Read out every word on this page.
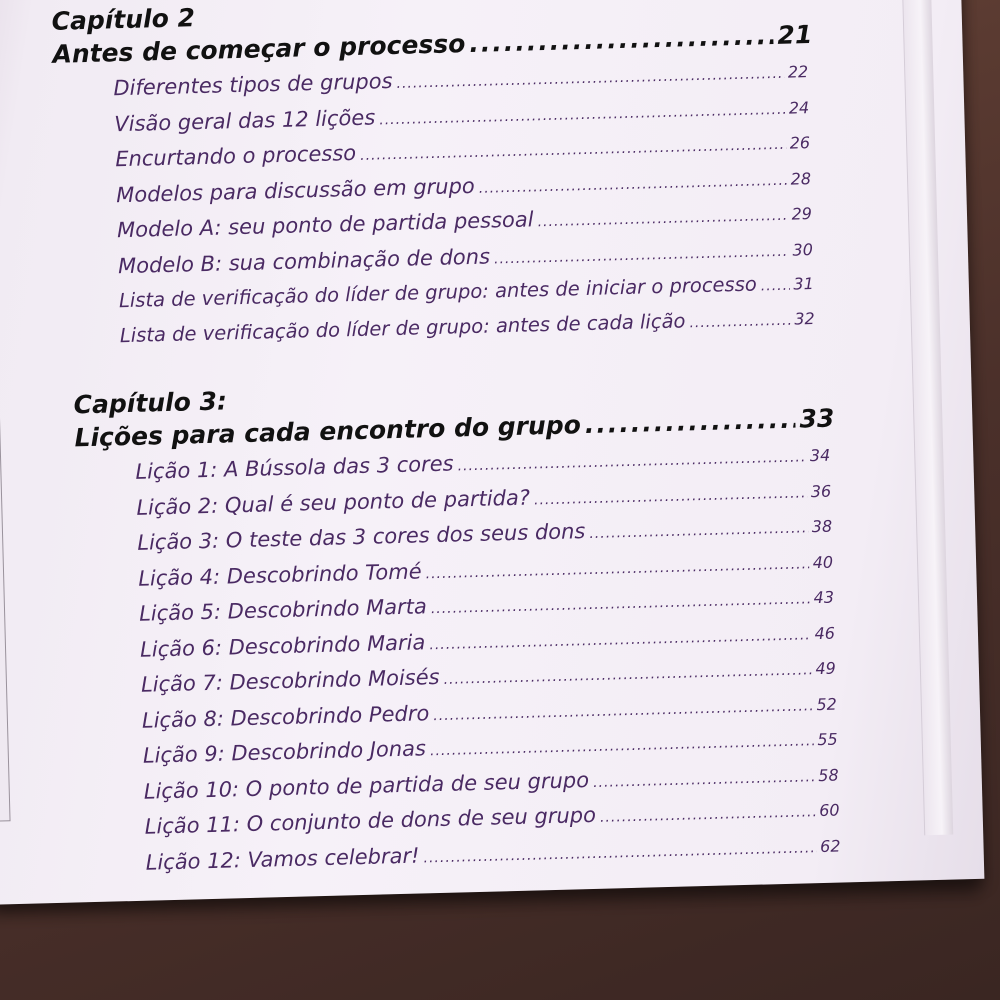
Capítulo 2
Antes de começar o processo .....	21
Diferentes tipos de grupos .....	22
Visão geral das 12 lições .....	24
Encurtando o processo .....	26
Modelos para discussão em grupo .....	28
Modelo A: seu ponto de partida pessoal .....	29
Modelo B: sua combinação de dons .....	30
Lista de verificação do líder de grupo: antes de iniciar o processo ..... 31
Lista de verificação do líder de grupo: antes de cada lição .....	32
Capítulo 3:
Lições para cada encontro do grupo .....	33
Lição 1: A Bússola das 3 cores .....	34
Lição 2: Qual é seu ponto de partida? .....	36
Lição 3: O teste das 3 cores dos seus dons .....	38
Lição 4: Descobrindo Tomé .....	40
Lição 5: Descobrindo Marta .....	43
Lição 6: Descobrindo Maria .....	46
Lição 7: Descobrindo Moisés .....	49
Lição 8: Descobrindo Pedro .....	52
Lição 9: Descobrindo Jonas .....	55
Lição 10: O ponto de partida de seu grupo .....	58
Lição 11: O conjunto de dons de seu grupo .....	60
Lição 12: Vamos celebrar! .....	62
